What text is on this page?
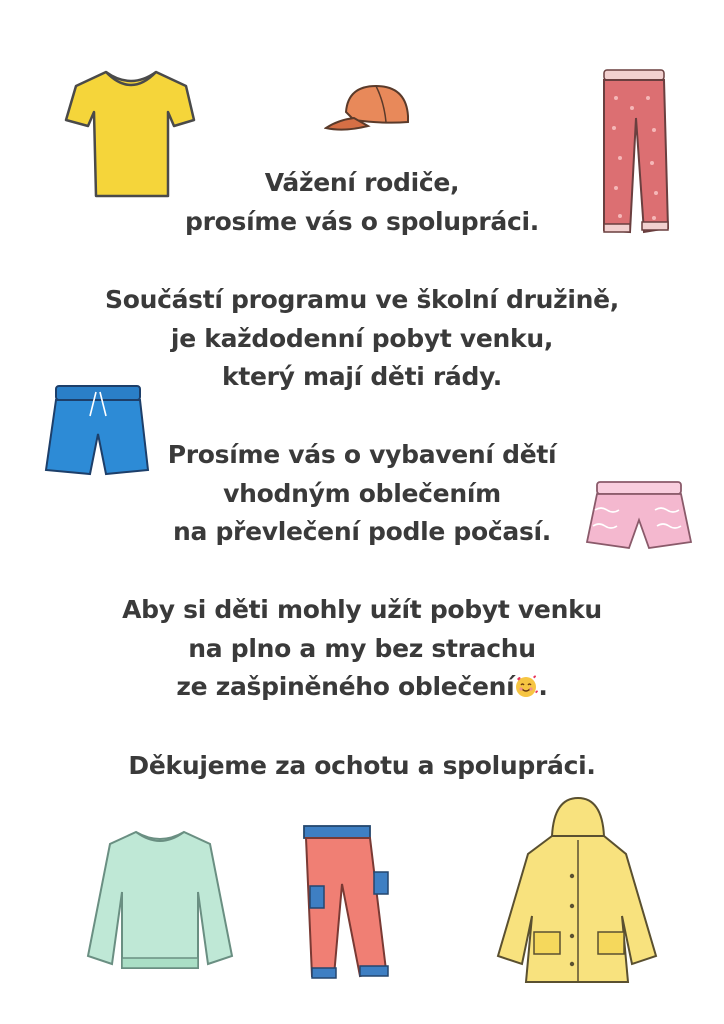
Vážení rodiče,
prosíme vás o spolupráci.
Součástí programu ve školní družině,
je každodenní pobyt venku,
který mají děti rády.
Prosíme vás o vybavení dětí
vhodným oblečením
na převlečení podle počasí.
Aby si děti mohly užít pobyt venku
na plno a my bez strachu
ze zašpiněného oblečení .
Děkujeme za ochotu a spolupráci.
